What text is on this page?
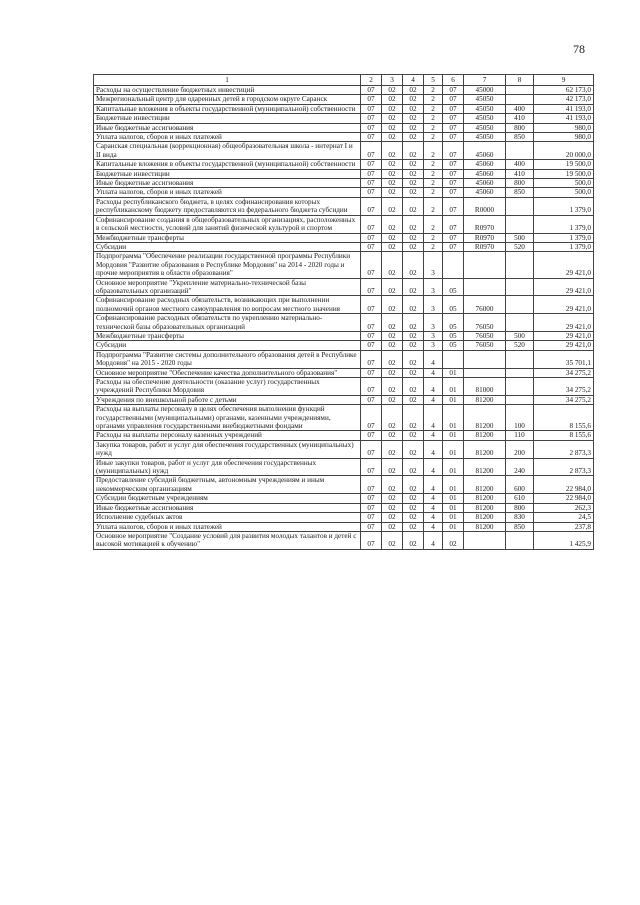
78
1	2	3	4	5	6	7	8	9
Расходы на осуществление бюджетных инвестиций	07	02	02	2	07	45000		62 173,0
Межрегиональный центр для одаренных детей в городском округе Саранск	07	02	02	2	07	45050		42 173,0
Капитальные вложения в объекты государственной (муниципальной) собственности	07	02	02	2	07	45050	400	41 193,0
Бюджетные инвестиции	07	02	02	2	07	45050	410	41 193,0
Иные бюджетные ассигнования	07	02	02	2	07	45050	800	980,0
Уплата налогов, сборов и иных платежей	07	02	02	2	07	45050	850	980,0
Саранская специальная (коррекционная) общеобразовательная школа - интернат I и II вида	07	02	02	2	07	45060		20 000,0
Капитальные вложения в объекты государственной (муниципальной) собственности	07	02	02	2	07	45060	400	19 500,0
Бюджетные инвестиции	07	02	02	2	07	45060	410	19 500,0
Иные бюджетные ассигнования	07	02	02	2	07	45060	800	500,0
Уплата налогов, сборов и иных платежей	07	02	02	2	07	45060	850	500,0
Расходы республиканского бюджета, в целях софинансирования которых республиканскому бюджету предоставляются из федерального бюджета субсидии	07	02	02	2	07	R0000		1 379,0
Софинансирование создания в общеобразовательных организациях, расположенных в сельской местности, условий для занятий физической культурой и спортом	07	02	02	2	07	R0970		1 379,0
Межбюджетные трансферты	07	02	02	2	07	R0970	500	1 379,0
Субсидии	07	02	02	2	07	R0970	520	1 379,0
Подпрограмма "Обеспечение реализации государственной программы Республики Мордовия "Развитие образования в Республике Мордовия" на 2014 - 2020 годы и прочие мероприятия в области образования"	07	02	02	3				29 421,0
Основное мероприятие "Укрепление материально-технической базы образовательных организаций"	07	02	02	3	05			29 421,0
Софинансирование расходных обязательств, возникающих при выполнении полномочий органов местного самоуправления по вопросам местного значения	07	02	02	3	05	76000		29 421,0
Софинансирование расходных обязательств по укреплению материально-технической базы образовательных организаций	07	02	02	3	05	76050		29 421,0
Межбюджетные трансферты	07	02	02	3	05	76050	500	29 421,0
Субсидии	07	02	02	3	05	76050	520	29 421,0
Подпрограмма "Развитие системы дополнительного образования детей в Республике Мордовия" на 2015 - 2020 годы	07	02	02	4				35 701,1
Основное мероприятие "Обеспечение качества дополнительного образования"	07	02	02	4	01			34 275,2
Расходы на обеспечение деятельности (оказание услуг) государственных учреждений Республики Мордовия	07	02	02	4	01	81000		34 275,2
Учреждения по внешкольной работе с детьми	07	02	02	4	01	81200		34 275,2
Расходы на выплаты персоналу в целях обеспечения выполнения функций государственными (муниципальными) органами, казенными учреждениями, органами управления государственными внебюджетными фондами	07	02	02	4	01	81200	100	8 155,6
Расходы на выплаты персоналу казенных учреждений	07	02	02	4	01	81200	110	8 155,6
Закупка товаров, работ и услуг для обеспечения государственных (муниципальных) нужд	07	02	02	4	01	81200	200	2 873,3
Иные закупки товаров, работ и услуг для обеспечения государственных (муниципальных) нужд	07	02	02	4	01	81200	240	2 873,3
Предоставление субсидий бюджетным, автономным учреждениям и иным некоммерческим организациям	07	02	02	4	01	81200	600	22 984,0
Субсидии бюджетным учреждениям	07	02	02	4	01	81200	610	22 984,0
Иные бюджетные ассигнования	07	02	02	4	01	81200	800	262,3
Исполнение судебных актов	07	02	02	4	01	81200	830	24,5
Уплата налогов, сборов и иных платежей	07	02	02	4	01	81200	850	237,8
Основное мероприятие "Создание условий для развития молодых талантов и детей с высокой мотивацией к обучению"	07	02	02	4	02			1 425,9
